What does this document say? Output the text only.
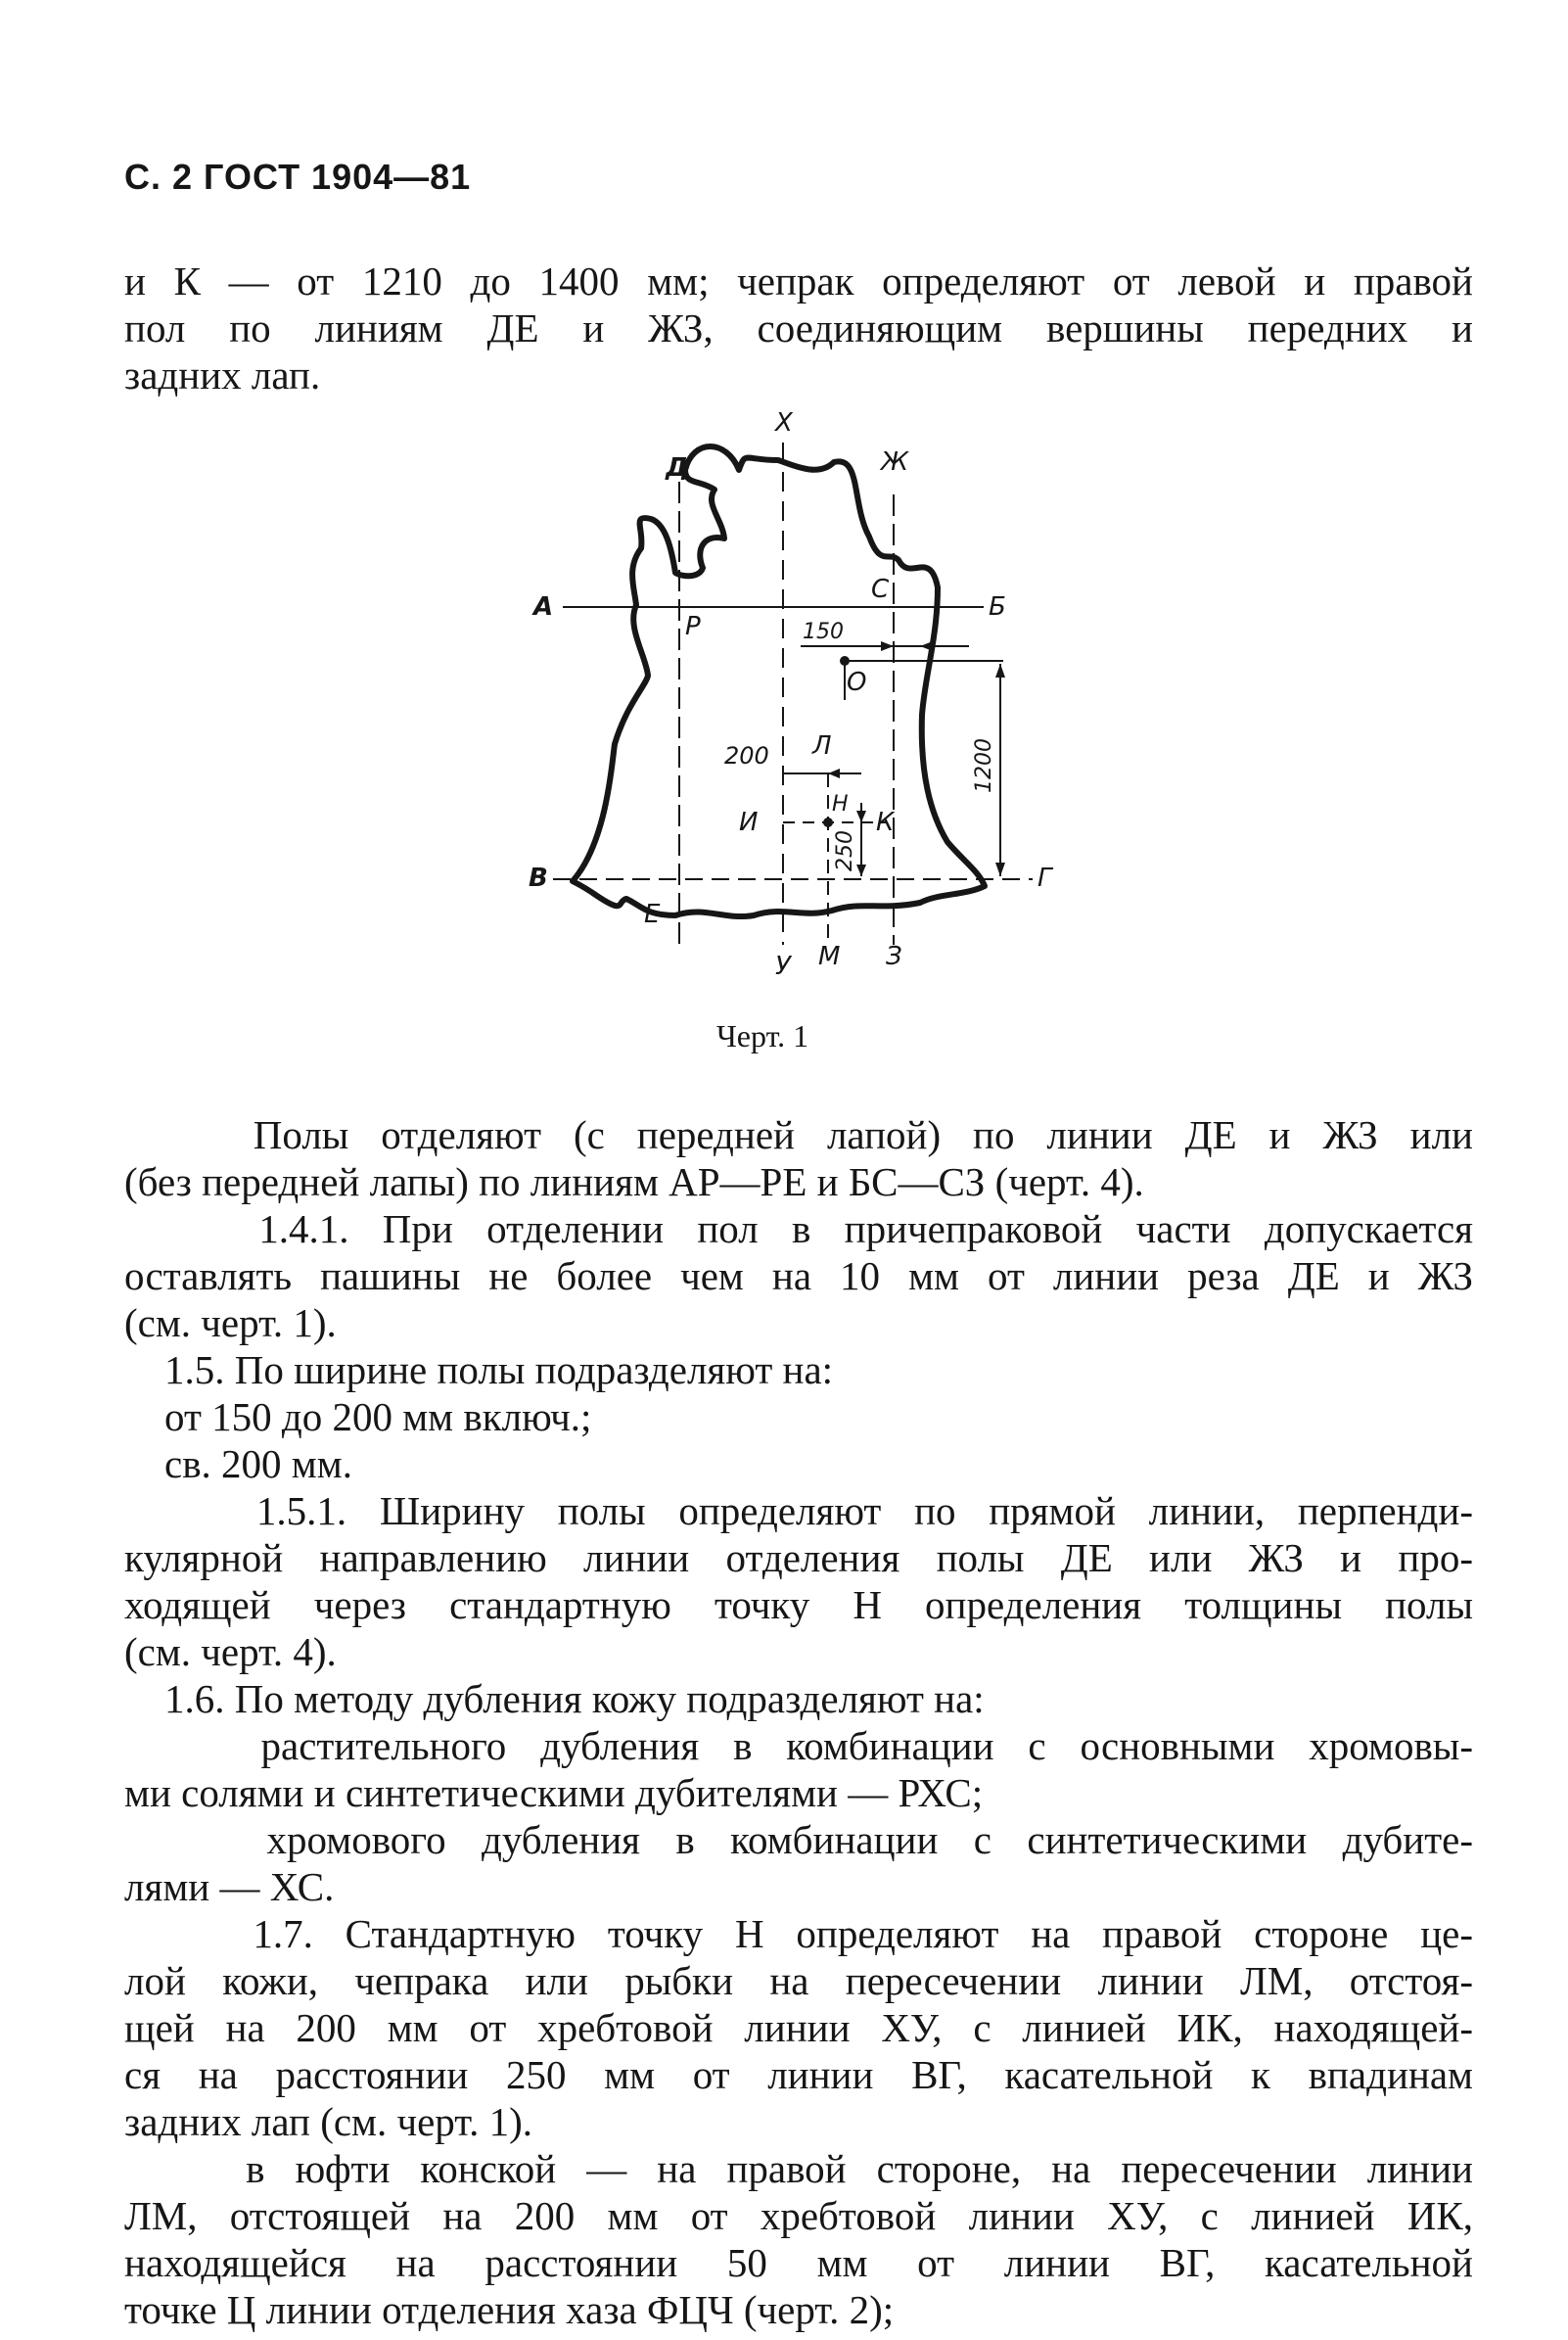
С. 2 ГОСТ 1904—81
и К — от 1210 до 1400 мм; чепрак определяют от левой и правой
пол по линиям ДЕ и ЖЗ, соединяющим вершины передних и
задних лап.
Х
Д	Ж
А
Р
С
Б
О
Л
И
Н
К
В	Г
Е
У М З
150
200
250
1200
Черт. 1
Полы отделяют (с передней лапой) по линии ДЕ и ЖЗ или
(без передней лапы) по линиям АР—РЕ и БС—СЗ (черт. 4).
1.4.1. При отделении пол в причепраковой части допускается
оставлять пашины не более чем на 10 мм от линии реза ДЕ и ЖЗ
(см. черт. 1).
1.5. По ширине полы подразделяют на:
от 150 до 200 мм включ.;
св. 200 мм.
1.5.1. Ширину полы определяют по прямой линии, перпенди-
кулярной направлению линии отделения полы ДЕ или ЖЗ и про-
ходящей через стандартную точку Н определения толщины полы
(см. черт. 4).
1.6. По методу дубления кожу подразделяют на:
растительного дубления в комбинации с основными хромовы-
ми солями и синтетическими дубителями — РХС;
хромового дубления в комбинации с синтетическими дубите-
лями — ХС.
1.7. Стандартную точку Н определяют на правой стороне це-
лой кожи, чепрака или рыбки на пересечении линии ЛМ, отстоя-
щей на 200 мм от хребтовой линии ХУ, с линией ИК, находящей-
ся на расстоянии 250 мм от линии ВГ, касательной к впадинам
задних лап (см. черт. 1).
в юфти конской — на правой стороне, на пересечении линии
ЛМ, отстоящей на 200 мм от хребтовой линии ХУ, с линией ИК,
находящейся на расстоянии 50 мм от линии ВГ, касательной
точке Ц линии отделения хаза ФЦЧ (черт. 2);
